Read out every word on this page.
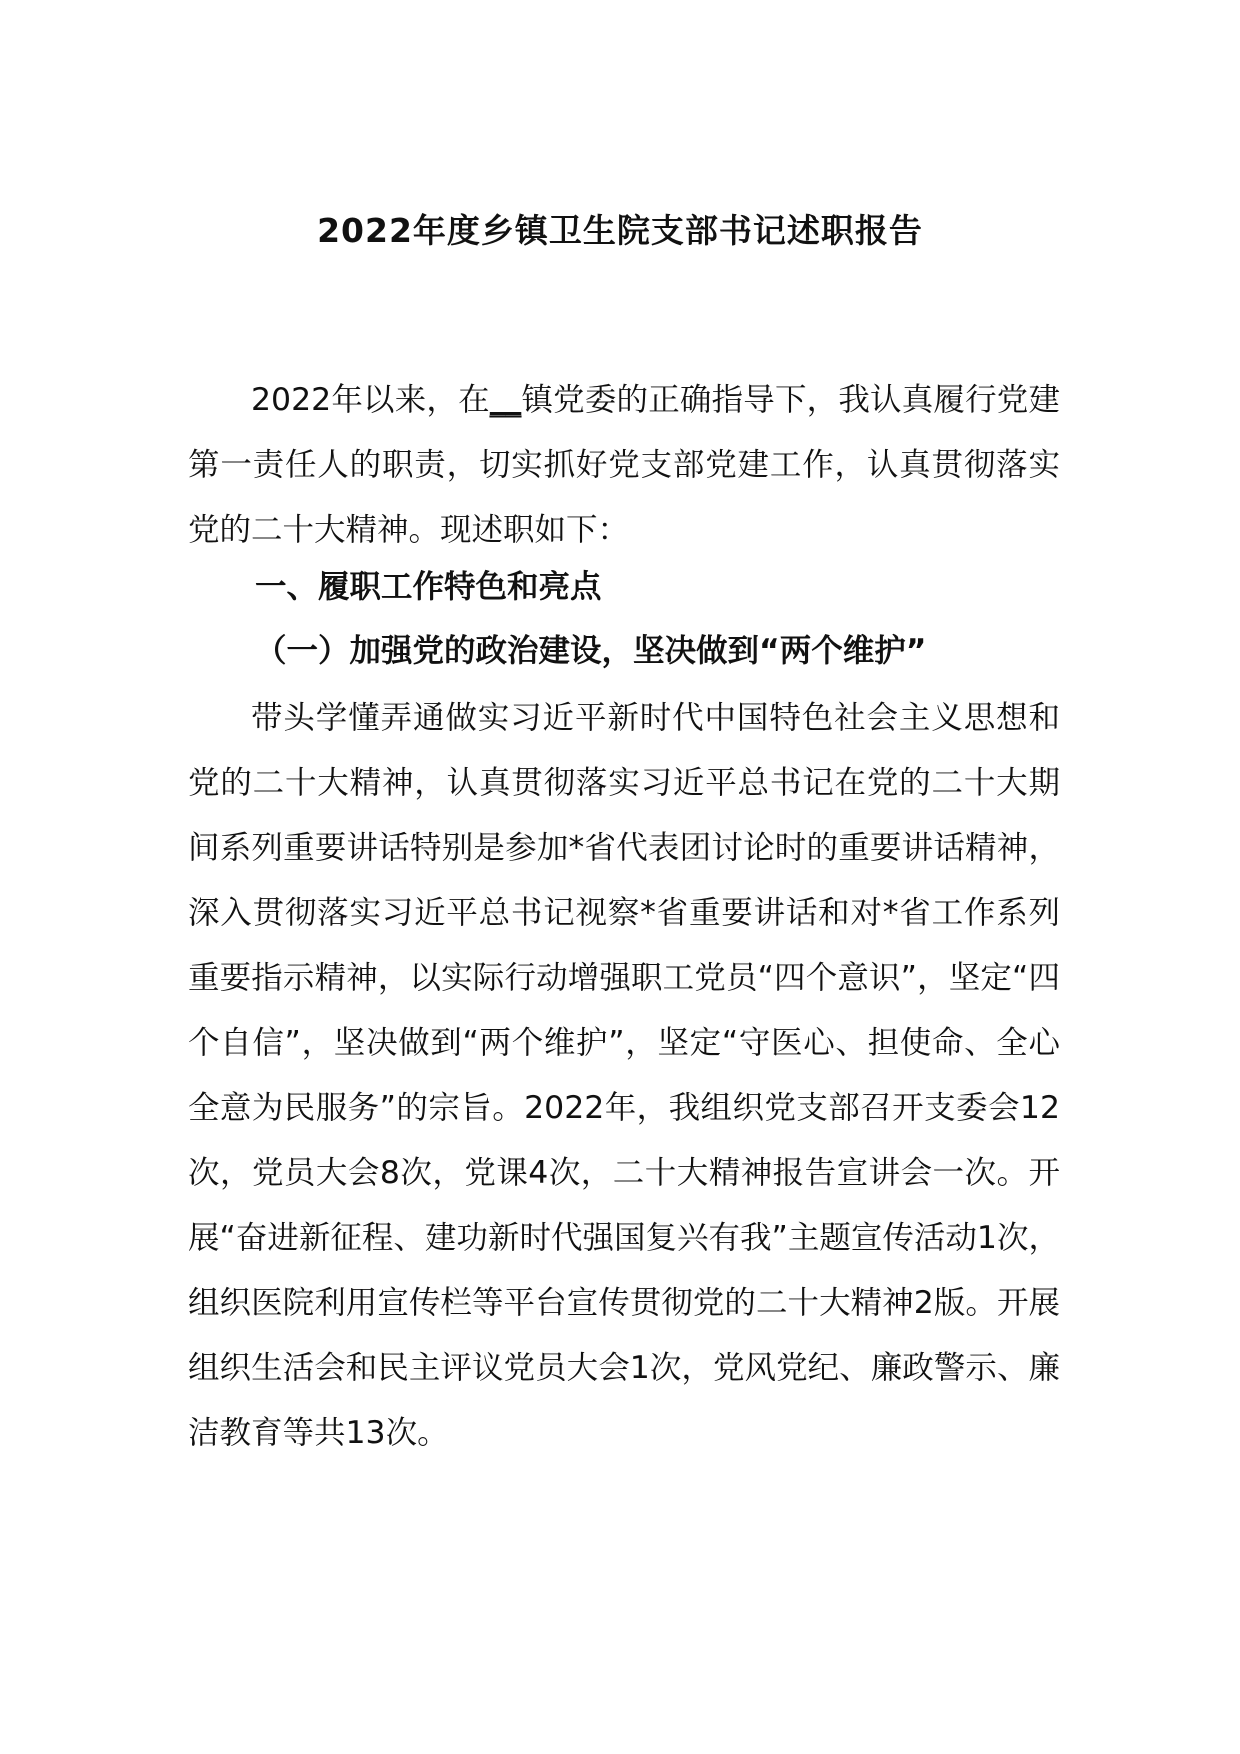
2022年度乡镇卫生院支部书记述职报告
2022年以来，在__镇党委的正确指导下，我认真履行党建第一责任人的职责，切实抓好党支部党建工作，认真贯彻落实党的二十大精神。现述职如下：
一、履职工作特色和亮点
（一）加强党的政治建设，坚决做到“两个维护”
带头学懂弄通做实习近平新时代中国特色社会主义思想和党的二十大精神，认真贯彻落实习近平总书记在党的二十大期间系列重要讲话特别是参加*省代表团讨论时的重要讲话精神，深入贯彻落实习近平总书记视察*省重要讲话和对*省工作系列重要指示精神，以实际行动增强职工党员“四个意识”，坚定“四个自信”，坚决做到“两个维护”，坚定“守医心、担使命、全心全意为民服务”的宗旨。2022年，我组织党支部召开支委会12次，党员大会8次，党课4次，二十大精神报告宣讲会一次。开展“奋进新征程、建功新时代强国复兴有我”主题宣传活动1次，组织医院利用宣传栏等平台宣传贯彻党的二十大精神2版。开展组织生活会和民主评议党员大会1次，党风党纪、廉政警示、廉洁教育等共13次。
